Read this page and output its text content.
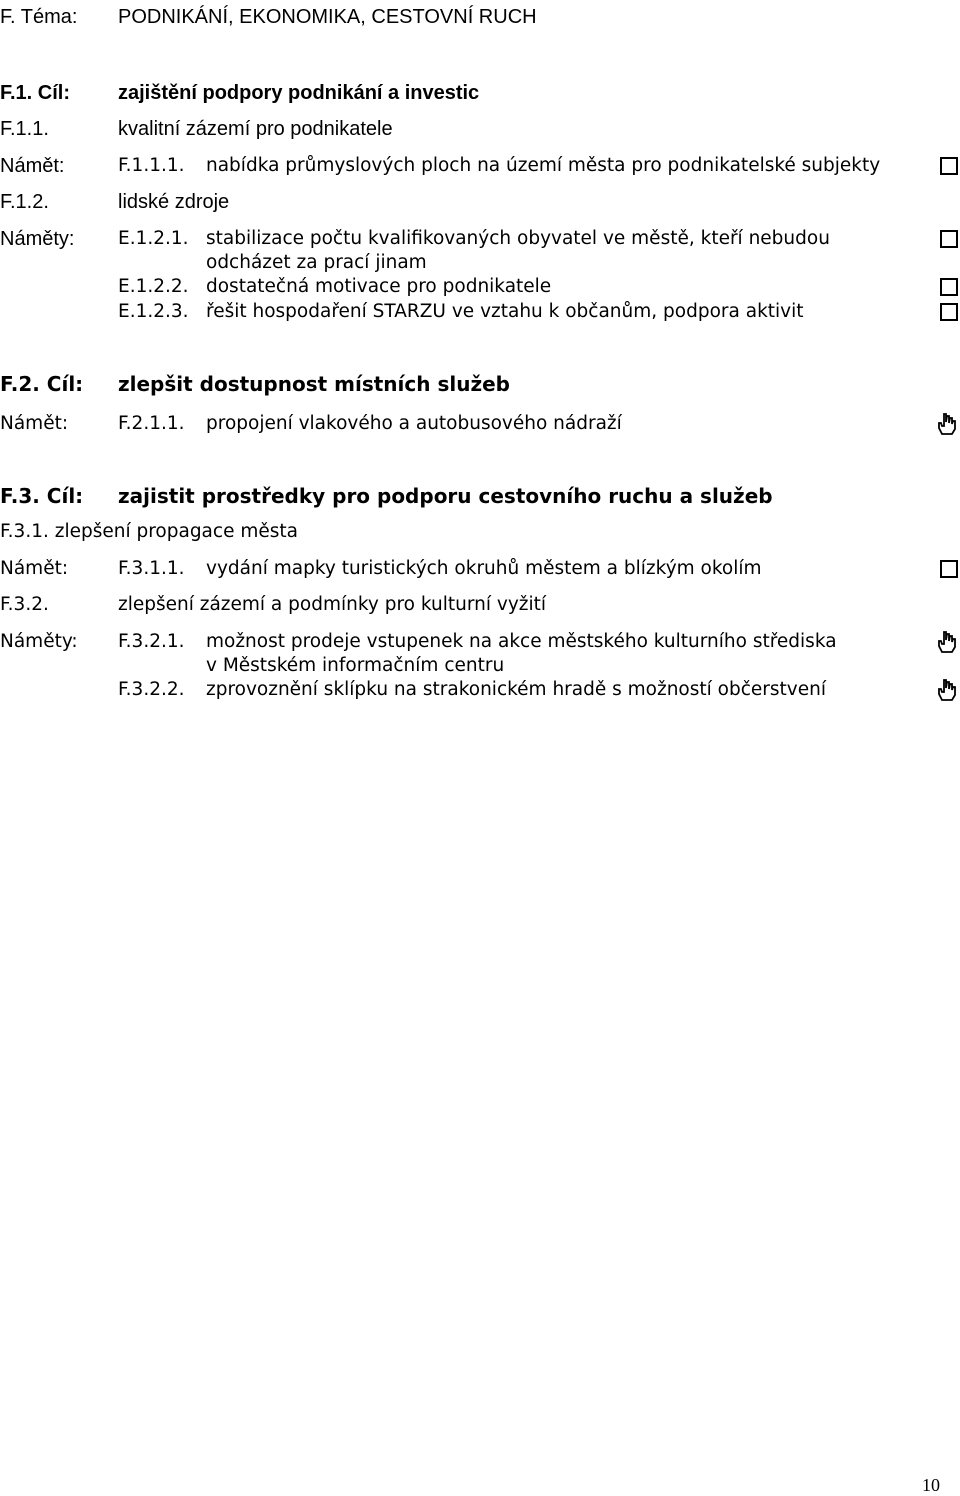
F. Téma: PODNIKÁNÍ, EKONOMIKA, CESTOVNÍ RUCH
F.1. Cíl: zajištění podpory podnikání a investic
F.1.1.	kvalitní zázemí pro podnikatele
Námět:	F.1.1.1. nabídka průmyslových ploch na území města pro podnikatelské subjekty
F.1.2.	lidské zdroje
Náměty: E.1.2.1. stabilizace počtu kvalifikovaných obyvatel ve městě, kteří nebudou
odcházet za prací jinam
E.1.2.2. dostatečná motivace pro podnikatele
E.1.2.3. řešit hospodaření STARZU ve vztahu k občanům, podpora aktivit
F.2. Cíl: zlepšit dostupnost místních služeb
Námět:	F.2.1.1. propojení vlakového a autobusového nádraží
F.3. Cíl: zajistit prostředky pro podporu cestovního ruchu a služeb
F.3.1. zlepšení propagace města
Námět:	F.3.1.1. vydání mapky turistických okruhů městem a blízkým okolím
F.3.2.	zlepšení zázemí a podmínky pro kulturní vyžití
Náměty: F.3.2.1. možnost prodeje vstupenek na akce městského kulturního střediska
v Městském informačním centru
F.3.2.2. zprovoznění sklípku na strakonickém hradě s možností občerstvení
10
